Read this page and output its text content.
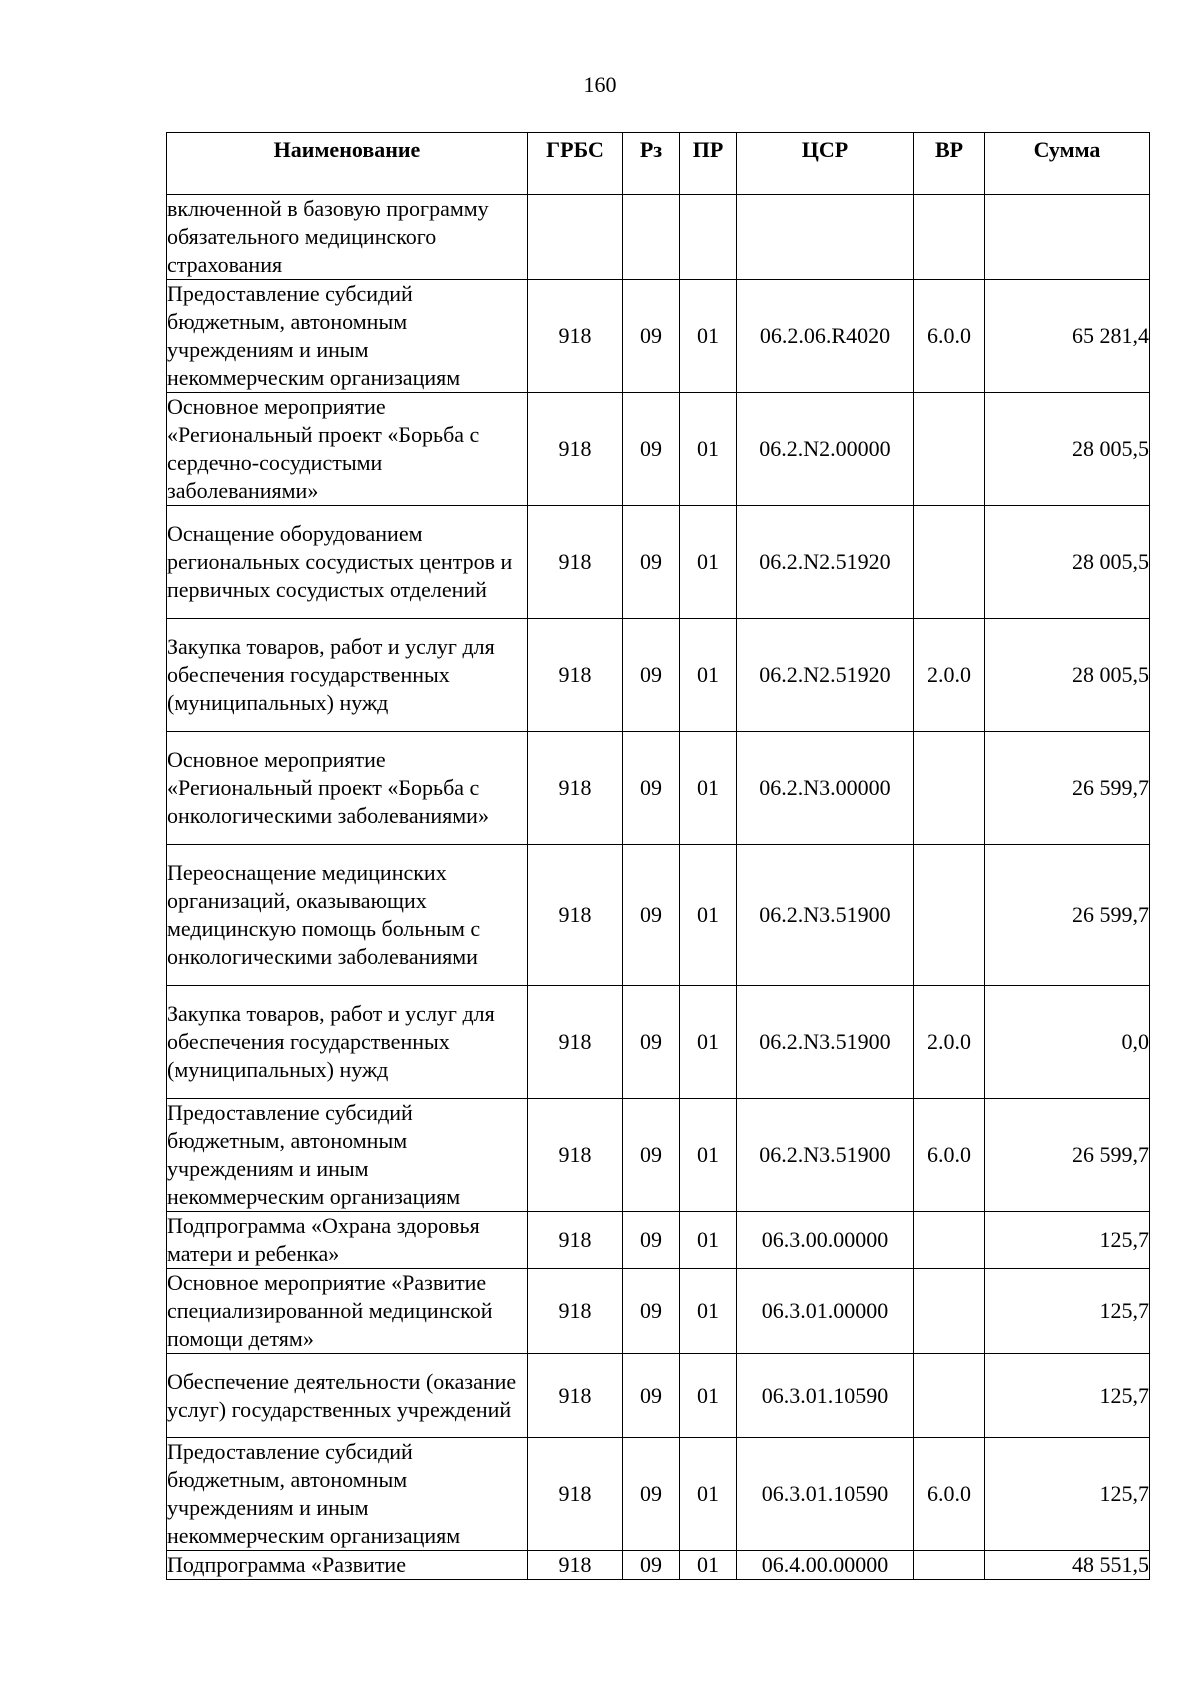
160
Наименование	ГРБС	Рз	ПР	ЦСР	ВР	Сумма
включенной в базовую программу обязательного медицинского страхования						
Предоставление субсидий бюджетным, автономным учреждениям и иным некоммерческим организациям	918	09	01	06.2.06.R4020	6.0.0	65 281,4
Основное мероприятие «Региональный проект «Борьба с сердечно-сосудистыми заболеваниями»	918	09	01	06.2.N2.00000		28 005,5
Оснащение оборудованием региональных сосудистых центров и первичных сосудистых отделений	918	09	01	06.2.N2.51920		28 005,5
Закупка товаров, работ и услуг для обеспечения государственных (муниципальных) нужд	918	09	01	06.2.N2.51920	2.0.0	28 005,5
Основное мероприятие «Региональный проект «Борьба с онкологическими заболеваниями»	918	09	01	06.2.N3.00000		26 599,7
Переоснащение медицинских организаций, оказывающих медицинскую помощь больным с онкологическими заболеваниями	918	09	01	06.2.N3.51900		26 599,7
Закупка товаров, работ и услуг для обеспечения государственных (муниципальных) нужд	918	09	01	06.2.N3.51900	2.0.0	0,0
Предоставление субсидий бюджетным, автономным учреждениям и иным некоммерческим организациям	918	09	01	06.2.N3.51900	6.0.0	26 599,7
Подпрограмма «Охрана здоровья матери и ребенка»	918	09	01	06.3.00.00000		125,7
Основное мероприятие «Развитие специализированной медицинской помощи детям»	918	09	01	06.3.01.00000		125,7
Обеспечение деятельности (оказание услуг) государственных учреждений	918	09	01	06.3.01.10590		125,7
Предоставление субсидий бюджетным, автономным учреждениям и иным некоммерческим организациям	918	09	01	06.3.01.10590	6.0.0	125,7
Подпрограмма «Развитие	918	09	01	06.4.00.00000		48 551,5
